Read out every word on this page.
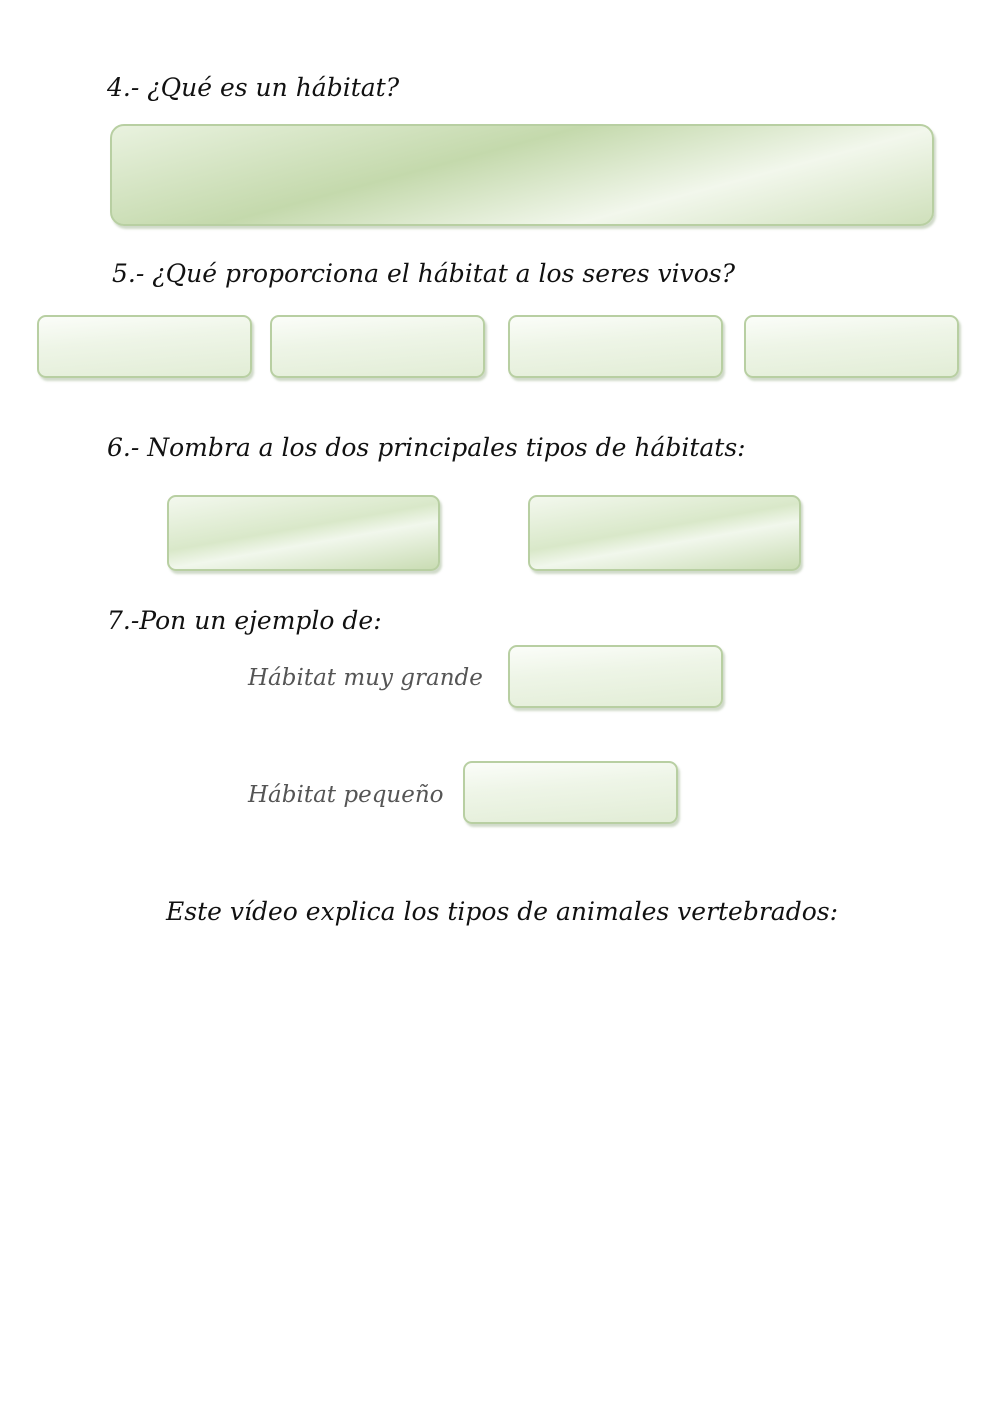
4.- ¿Qué es un hábitat?
5.- ¿Qué proporciona el hábitat a los seres vivos?
6.- Nombra a los dos principales tipos de hábitats:
7.-Pon un ejemplo de:
Hábitat muy grande
Hábitat pequeño
Este vídeo explica los tipos de animales vertebrados:
